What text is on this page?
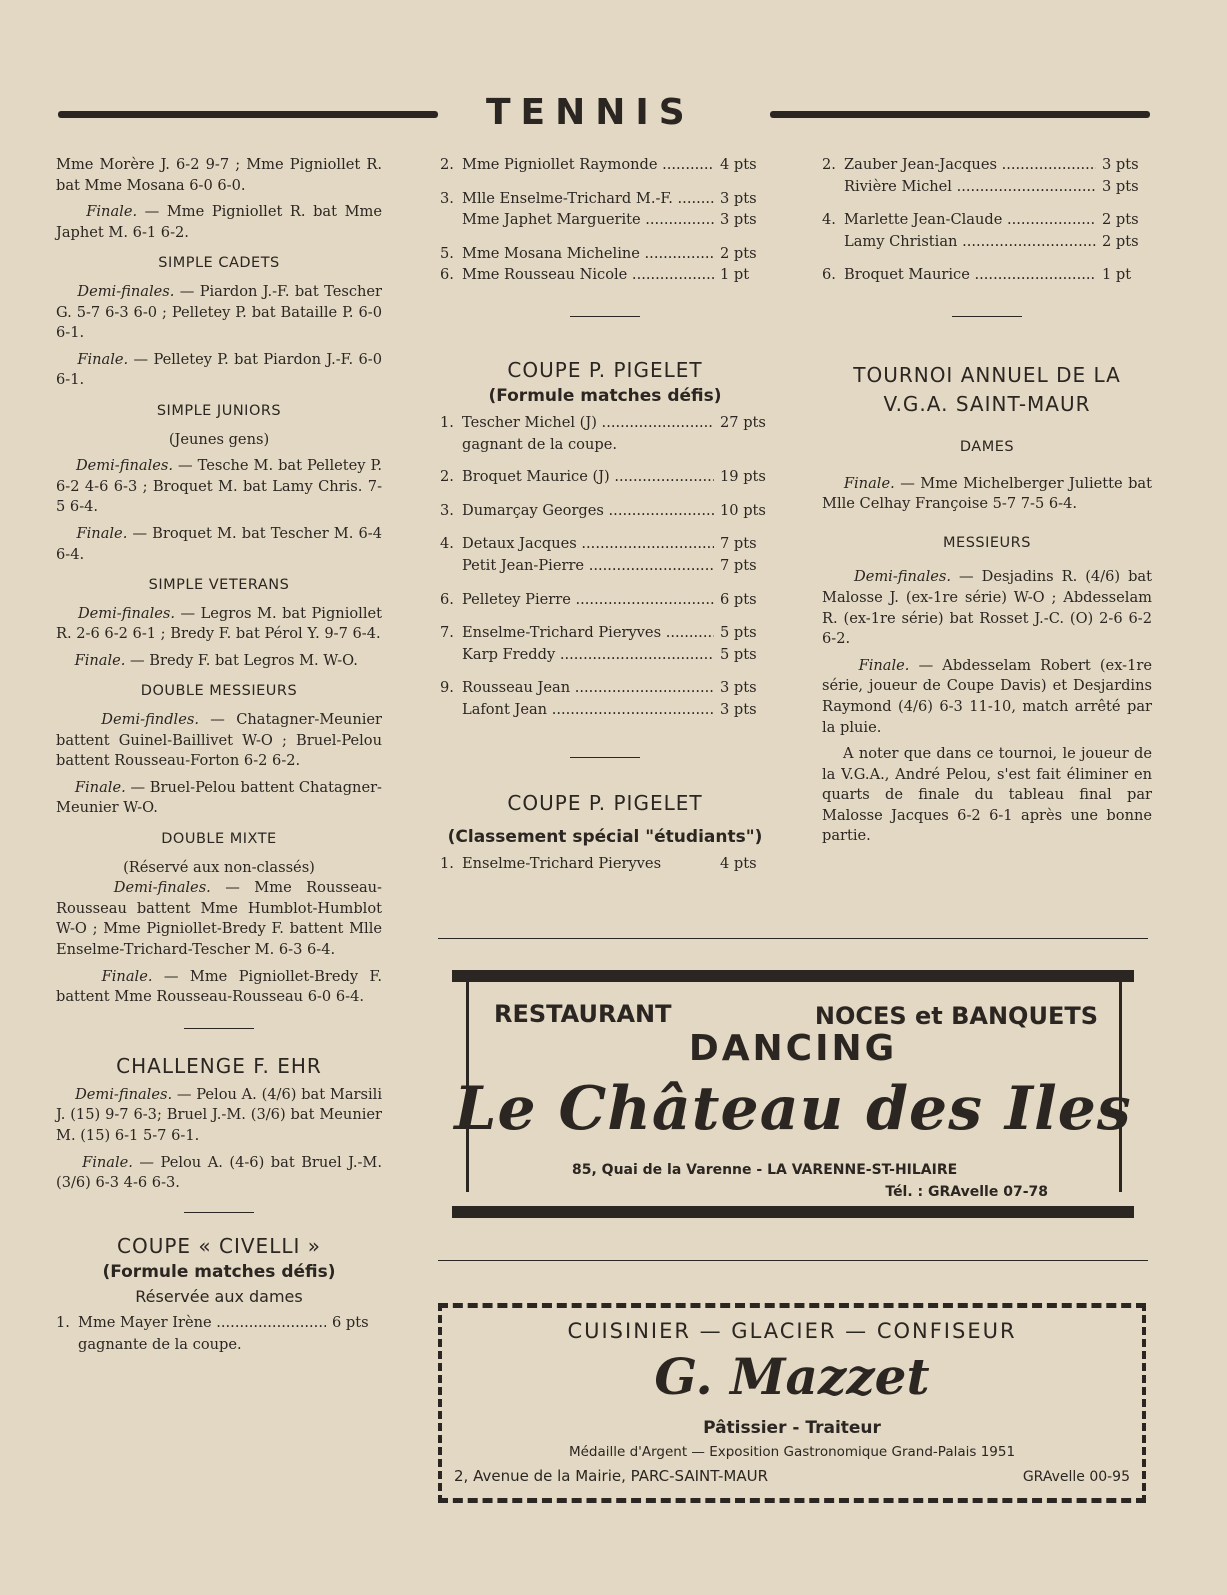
TENNIS

Mme Morère J. 6-2 9-7 ; Mme Pigniollet R. bat Mme Mosana 6-0 6-0.

Finale. — Mme Pigniollet R. bat Mme Japhet M. 6-1 6-2.

SIMPLE CADETS

Demi-finales. — Piardon J.-F. bat Tescher G. 5-7 6-3 6-0 ; Pelletey P. bat Bataille P. 6-0 6-1.

Finale. — Pelletey P. bat Piardon J.-F. 6-0 6-1.

SIMPLE JUNIORS
(Jeunes gens)

Demi-finales. — Tesche M. bat Pelletey P. 6-2 4-6 6-3 ; Broquet M. bat Lamy Chris. 7-5 6-4.

Finale. — Broquet M. bat Tescher M. 6-4 6-4.

SIMPLE VETERANS

Demi-finales. — Legros M. bat Pigniollet R. 2-6 6-2 6-1 ; Bredy F. bat Pérol Y. 9-7 6-4.

Finale. — Bredy F. bat Legros M. W-O.

DOUBLE MESSIEURS

Demi-findles. — Chatagner-Meunier battent Guinel-Baillivet W-O ; Bruel-Pelou battent Rousseau-Forton 6-2 6-2.

Finale. — Bruel-Pelou battent Chatagner-Meunier W-O.

DOUBLE MIXTE
(Réservé aux non-classés)

Demi-finales. — Mme Rousseau-Rousseau battent Mme Humblot-Humblot W-O ; Mme Pigniollet-Bredy F. battent Mlle Enselme-Trichard-Tescher M. 6-3 6-4.

Finale. — Mme Pigniollet-Bredy F. battent Mme Rousseau-Rousseau 6-0 6-4.

CHALLENGE F. EHR

Demi-finales. — Pelou A. (4/6) bat Marsili J. (15) 9-7 6-3; Bruel J.-M. (3/6) bat Meunier M. (15) 6-1 5-7 6-1.

Finale. — Pelou A. (4-6) bat Bruel J.-M. (3/6) 6-3 4-6 6-3.

COUPE « CIVELLI »
(Formule matches défis)
Réservée aux dames
1. Mme Mayer Irène .....	6 pts
gagnante de la coupe.
2. Mme Pigniollet Raymonde .....	4 pts
3. Mlle Enselme-Trichard M.-F. .....	3 pts
Mme Japhet Marguerite .....	3 pts
5. Mme Mosana Micheline .....	2 pts
6. Mme Rousseau Nicole .....	1 pt
COUPE P. PIGELET
(Formule matches défis)
1. Tescher Michel (J) .....	27 pts
gagnant de la coupe.
2. Broquet Maurice (J) .....	19 pts
3. Dumarçay Georges .....	10 pts
4. Detaux Jacques .....	7 pts
Petit Jean-Pierre .....	7 pts
6. Pelletey Pierre .....	6 pts
7. Enselme-Trichard Pieryves .....	5 pts
Karp Freddy .....	5 pts
9. Rousseau Jean .....	3 pts
Lafont Jean .....	3 pts
COUPE P. PIGELET
(Classement spécial "étudiants")
1. Enselme-Trichard Pieryves	4 pts
2. Zauber Jean-Jacques .....	3 pts
Rivière Michel .....	3 pts
4. Marlette Jean-Claude .....	2 pts
Lamy Christian .....	2 pts
6. Broquet Maurice .....	1 pt
TOURNOI ANNUEL DE LA V.G.A. SAINT-MAUR
DAMES

Finale. — Mme Michelberger Juliette bat Mlle Celhay Françoise 5-7 7-5 6-4.

MESSIEURS

Demi-finales. — Desjadins R. (4/6) bat Malosse J. (ex-1re série) W-O ; Abdesselam R. (ex-1re série) bat Rosset J.-C. (O) 2-6 6-2 6-2.

Finale. — Abdesselam Robert (ex-1re série, joueur de Coupe Davis) et Desjardins Raymond (4/6) 6-3 11-10, match arrêté par la pluie.

A noter que dans ce tournoi, le joueur de la V.G.A., André Pelou, s'est fait éliminer en quarts de finale du tableau final par Malosse Jacques 6-2 6-1 après une bonne partie.

RESTAURANT	NOCES et BANQUETS
DANCING
Le Château des Iles
85, Quai de la Varenne - LA VARENNE-ST-HILAIRE
Tél. : GRAvelle 07-78
CUISINIER — GLACIER — CONFISEUR
G. Mazzet
Pâtissier - Traiteur
Médaille d'Argent — Exposition Gastronomique Grand-Palais 1951
2, Avenue de la Mairie, PARC-SAINT-MAUR	GRAvelle 00-95
